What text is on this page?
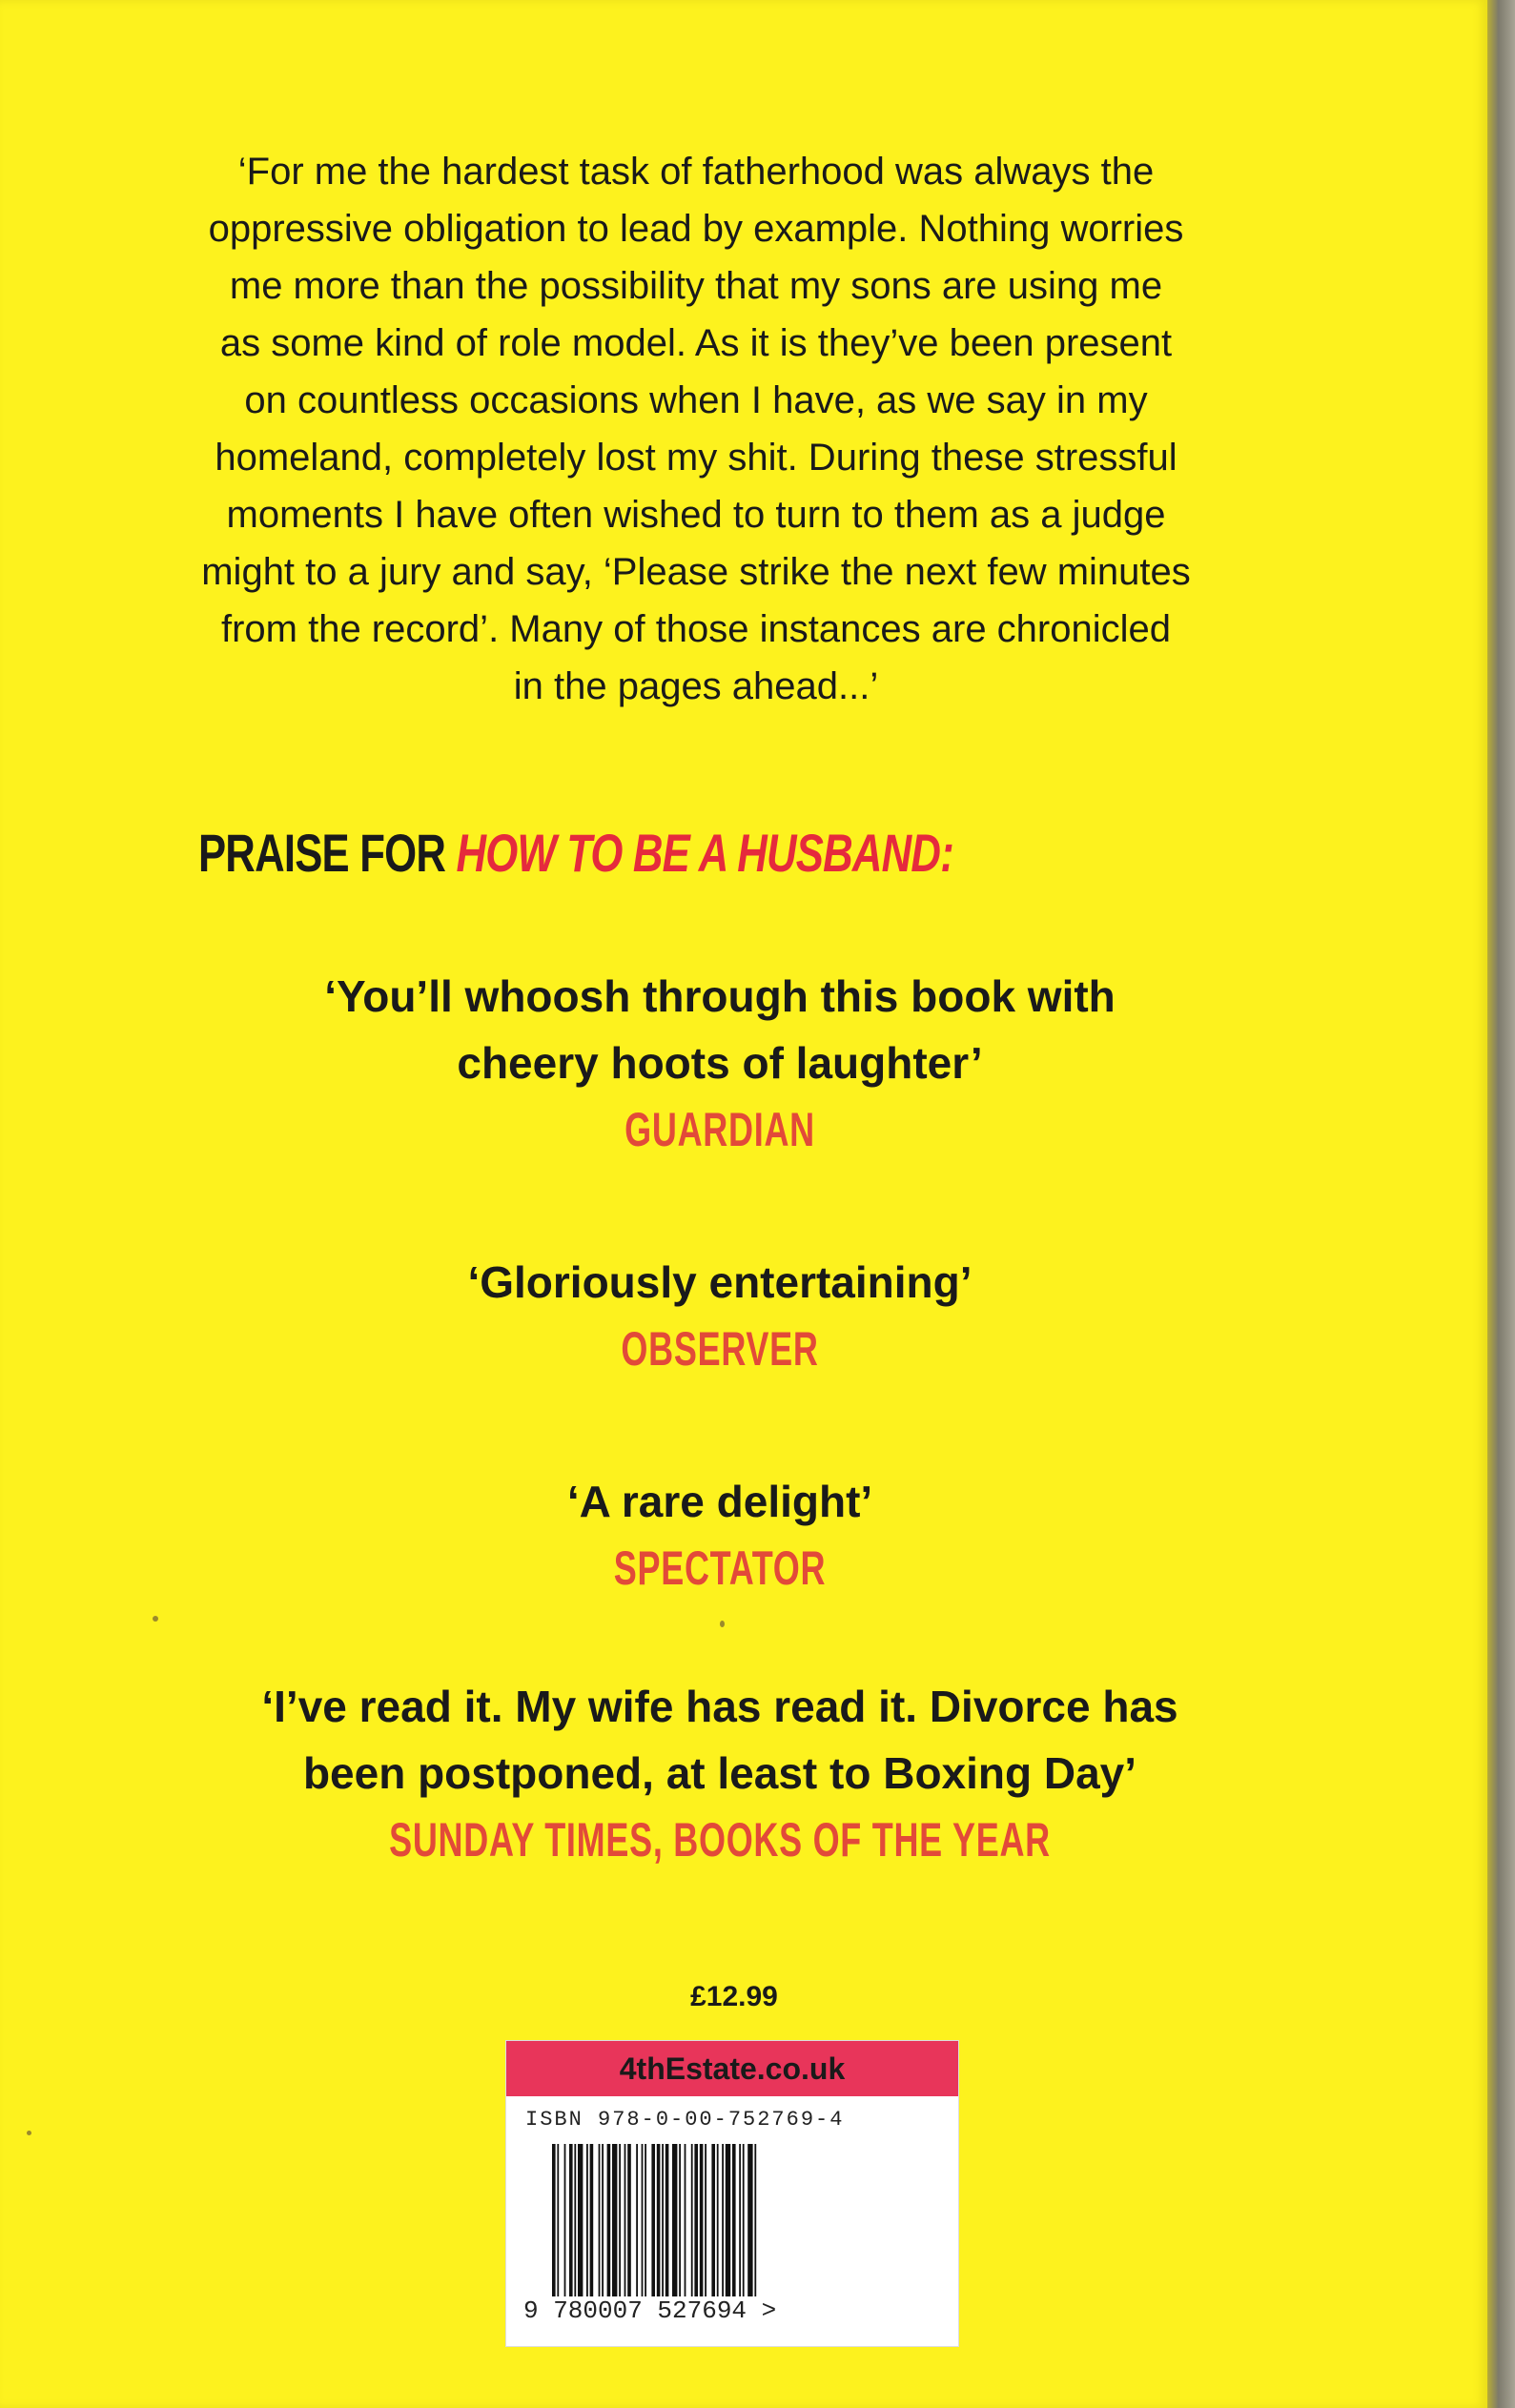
‘For me the hardest task of fatherhood was always the
oppressive obligation to lead by example. Nothing worries
me more than the possibility that my sons are using me
as some kind of role model. As it is they’ve been present
on countless occasions when I have, as we say in my
homeland, completely lost my shit. During these stressful
moments I have often wished to turn to them as a judge
might to a jury and say, ‘Please strike the next few minutes
from the record’. Many of those instances are chronicled
in the pages ahead...’
PRAISE FOR HOW TO BE A HUSBAND:
‘You’ll whoosh through this book with
cheery hoots of laughter’
GUARDIAN
‘Gloriously entertaining’
OBSERVER
‘A rare delight’
SPECTATOR
‘I’ve read it. My wife has read it. Divorce has
been postponed, at least to Boxing Day’
SUNDAY TIMES, BOOKS OF THE YEAR
£12.99
4thEstate.co.uk
ISBN 978-0-00-752769-4
9 780007 527694 >
